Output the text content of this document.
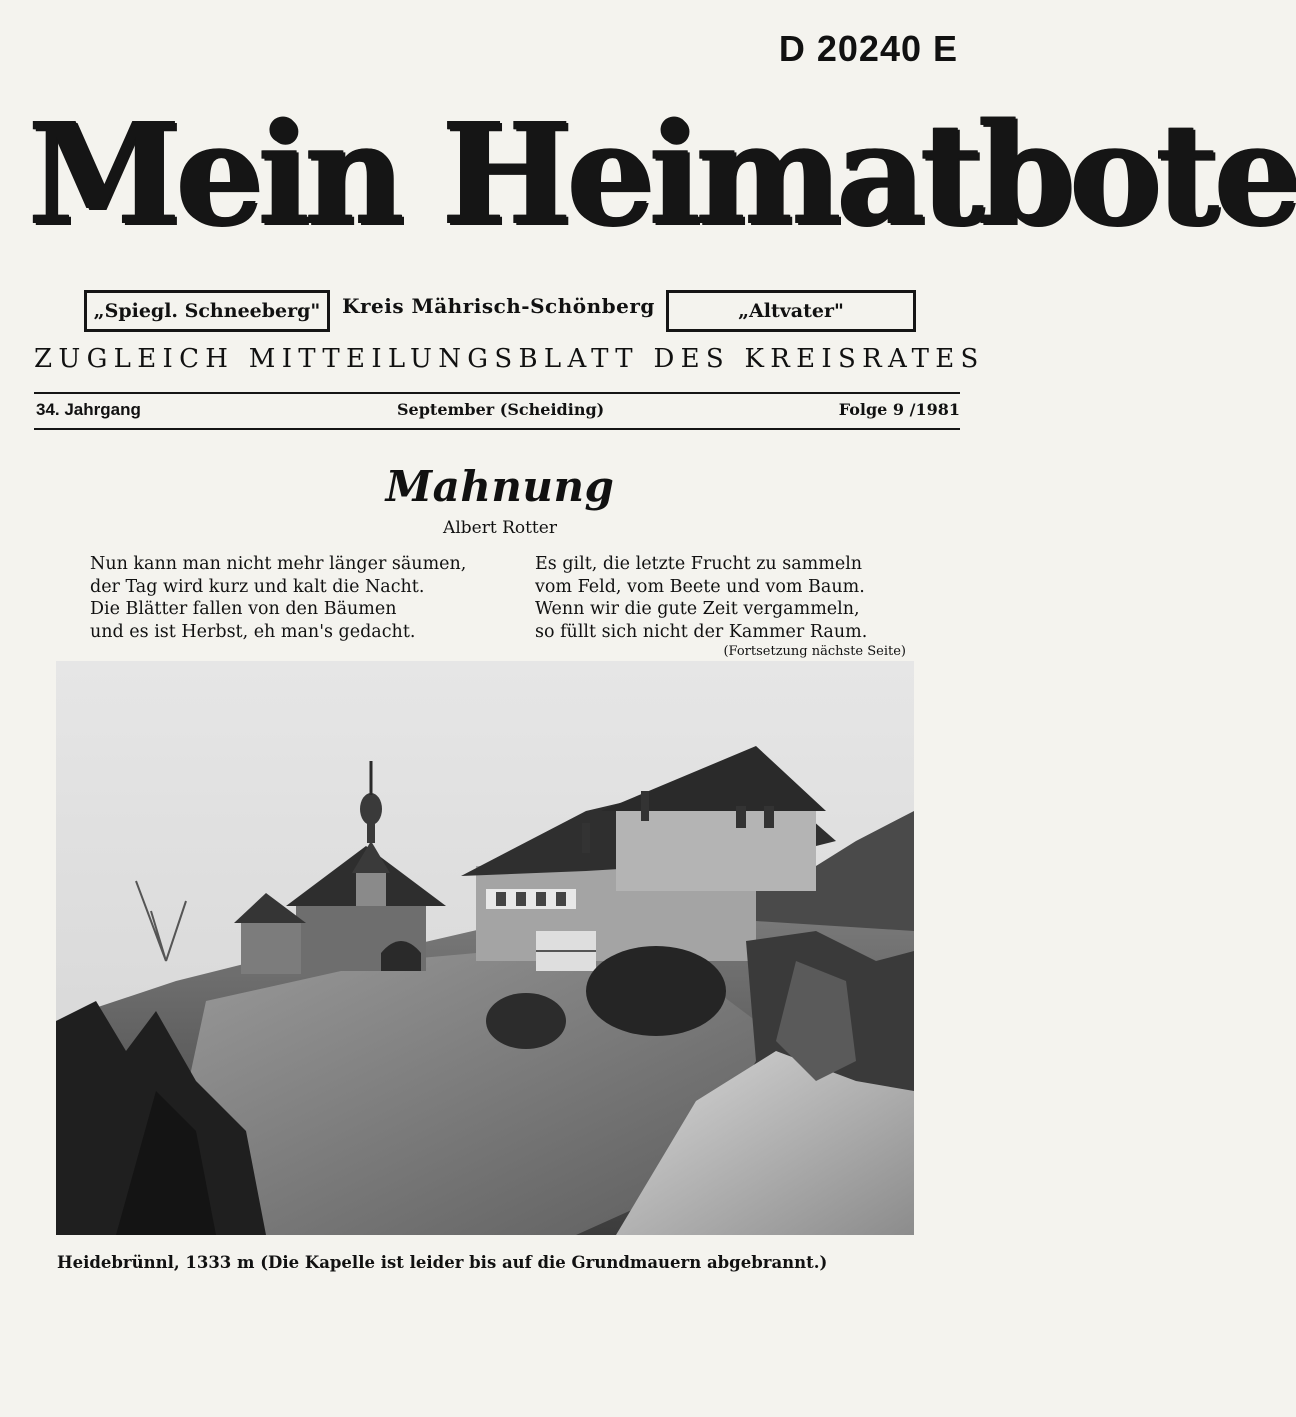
D 20240 E
Mein Heimatbote
„Spiegl. Schneeberg"	Kreis Mährisch-Schönberg	„Altvater"
ZUGLEICH MITTEILUNGSBLATT DES KREISRATES
34. Jahrgang	September (Scheiding)	Folge 9 /1981
Mahnung
Albert Rotter
Nun kann man nicht mehr länger säumen,
der Tag wird kurz und kalt die Nacht.
Die Blätter fallen von den Bäumen
und es ist Herbst, eh man's gedacht.
Es gilt, die letzte Frucht zu sammeln
vom Feld, vom Beete und vom Baum.
Wenn wir die gute Zeit vergammeln,
so füllt sich nicht der Kammer Raum.
(Fortsetzung nächste Seite)
Heidebrünnl, 1333 m (Die Kapelle ist leider bis auf die Grundmauern abgebrannt.)
